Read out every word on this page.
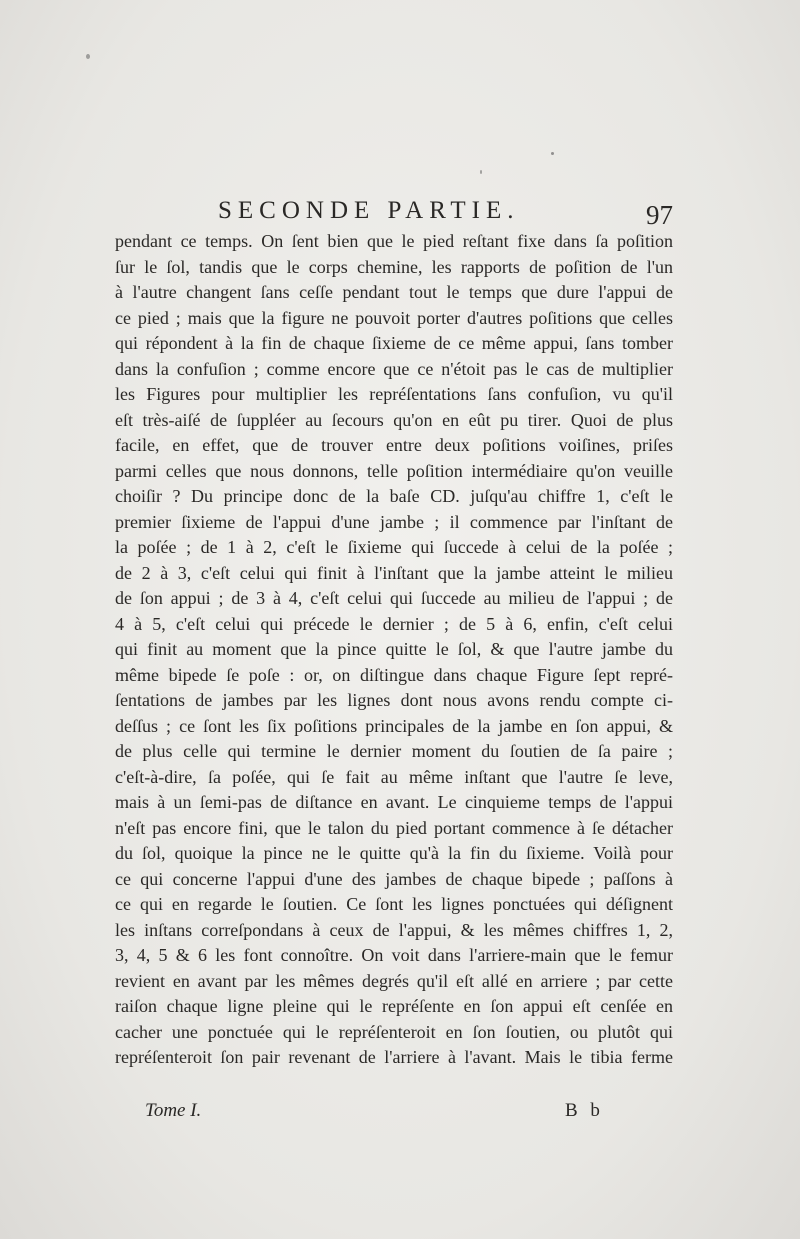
SECONDE PARTIE.	97
pendant ce temps. On ſent bien que le pied reſtant fixe dans ſa poſition
ſur le ſol, tandis que le corps chemine, les rapports de poſition de l'un
à l'autre changent ſans ceſſe pendant tout le temps que dure l'appui de
ce pied ; mais que la figure ne pouvoit porter d'autres poſitions que celles
qui répondent à la fin de chaque ſixieme de ce même appui, ſans tomber
dans la confuſion ; comme encore que ce n'étoit pas le cas de multiplier
les Figures pour multiplier les repréſentations ſans confuſion, vu qu'il
eſt très-aiſé de ſuppléer au ſecours qu'on en eût pu tirer. Quoi de plus
facile, en effet, que de trouver entre deux poſitions voiſines, priſes
parmi celles que nous donnons, telle poſition intermédiaire qu'on veuille
choiſir ? Du principe donc de la baſe CD. juſqu'au chiffre 1, c'eſt le
premier ſixieme de l'appui d'une jambe ; il commence par l'inſtant de
la poſée ; de 1 à 2, c'eſt le ſixieme qui ſuccede à celui de la poſée ;
de 2 à 3, c'eſt celui qui finit à l'inſtant que la jambe atteint le milieu
de ſon appui ; de 3 à 4, c'eſt celui qui ſuccede au milieu de l'appui ; de
4 à 5, c'eſt celui qui précede le dernier ; de 5 à 6, enfin, c'eſt celui
qui finit au moment que la pince quitte le ſol, & que l'autre jambe du
même bipede ſe poſe : or, on diſtingue dans chaque Figure ſept repré-
ſentations de jambes par les lignes dont nous avons rendu compte ci-
deſſus ; ce ſont les ſix poſitions principales de la jambe en ſon appui, &
de plus celle qui termine le dernier moment du ſoutien de ſa paire ;
c'eſt-à-dire, ſa poſée, qui ſe fait au même inſtant que l'autre ſe leve,
mais à un ſemi-pas de diſtance en avant. Le cinquieme temps de l'appui
n'eſt pas encore fini, que le talon du pied portant commence à ſe détacher
du ſol, quoique la pince ne le quitte qu'à la fin du ſixieme. Voilà pour
ce qui concerne l'appui d'une des jambes de chaque bipede ; paſſons à
ce qui en regarde le ſoutien. Ce ſont les lignes ponctuées qui déſignent
les inſtans correſpondans à ceux de l'appui, & les mêmes chiffres 1, 2,
3, 4, 5 & 6 les font connoître. On voit dans l'arriere-main que le femur
revient en avant par les mêmes degrés qu'il eſt allé en arriere ; par cette
raiſon chaque ligne pleine qui le repréſente en ſon appui eſt cenſée en
cacher une ponctuée qui le repréſenteroit en ſon ſoutien, ou plutôt qui
repréſenteroit ſon pair revenant de l'arriere à l'avant. Mais le tibia ferme
Tome I.	B b
